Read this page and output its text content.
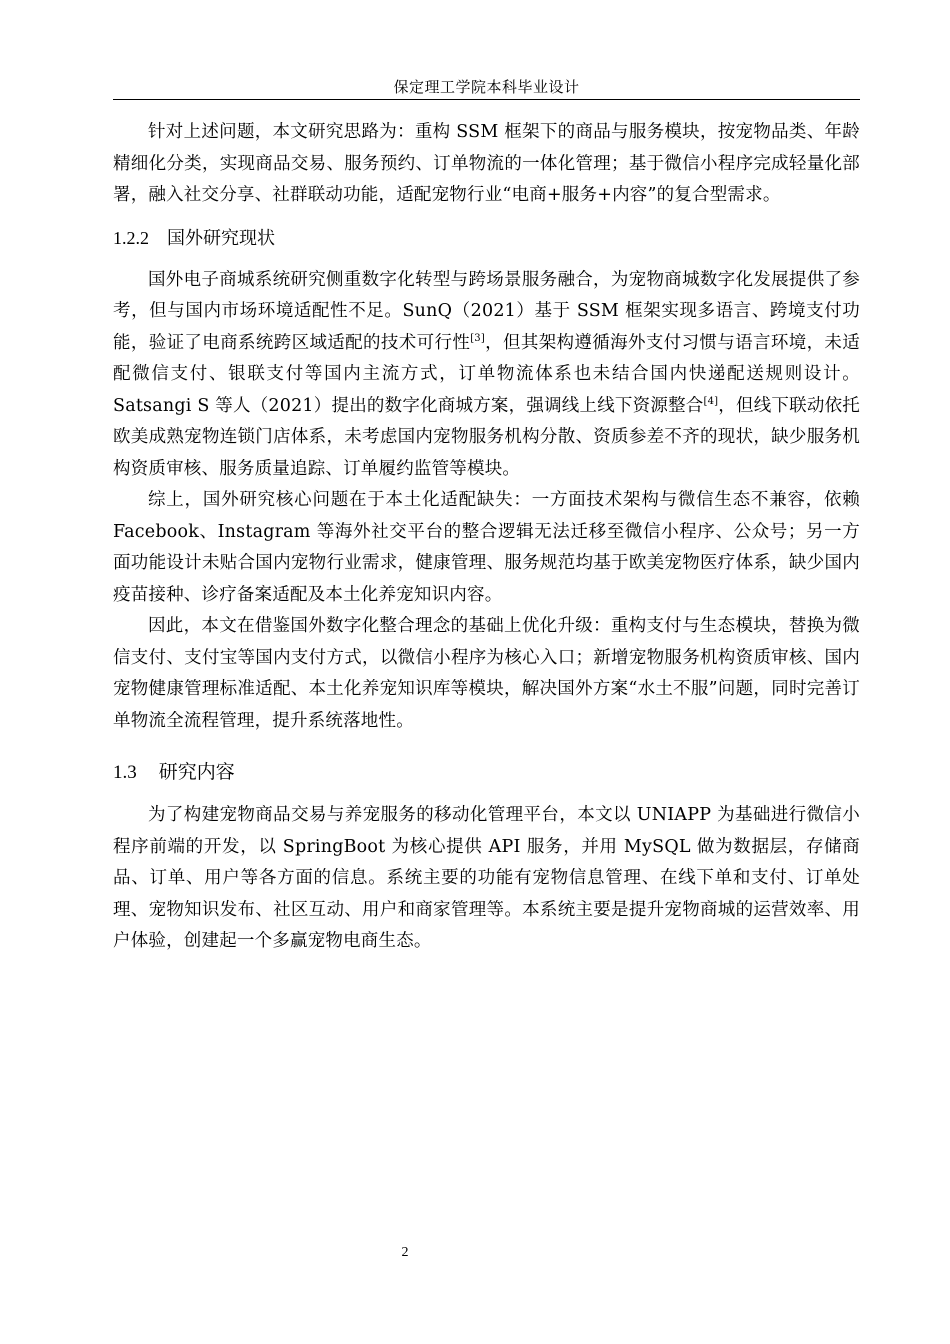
保定理工学院本科毕业设计

针对上述问题，本文研究思路为：重构 SSM 框架下的商品与服务模块，按宠物品类、年龄精细化分类，实现商品交易、服务预约、订单物流的一体化管理；基于微信小程序完成轻量化部署，融入社交分享、社群联动功能，适配宠物行业“电商+服务+内容”的复合型需求。

1.2.2 国外研究现状

国外电子商城系统研究侧重数字化转型与跨场景服务融合，为宠物商城数字化发展提供了参考，但与国内市场环境适配性不足。SunQ（2021）基于 SSM 框架实现多语言、跨境支付功能，验证了电商系统跨区域适配的技术可行性[3]，但其架构遵循海外支付习惯与语言环境，未适配微信支付、银联支付等国内主流方式，订单物流体系也未结合国内快递配送规则设计。Satsangi S 等人（2021）提出的数字化商城方案，强调线上线下资源整合[4]，但线下联动依托欧美成熟宠物连锁门店体系，未考虑国内宠物服务机构分散、资质参差不齐的现状，缺少服务机构资质审核、服务质量追踪、订单履约监管等模块。

综上，国外研究核心问题在于本土化适配缺失：一方面技术架构与微信生态不兼容，依赖 Facebook、Instagram 等海外社交平台的整合逻辑无法迁移至微信小程序、公众号；另一方面功能设计未贴合国内宠物行业需求，健康管理、服务规范均基于欧美宠物医疗体系，缺少国内疫苗接种、诊疗备案适配及本土化养宠知识内容。

因此，本文在借鉴国外数字化整合理念的基础上优化升级：重构支付与生态模块，替换为微信支付、支付宝等国内支付方式，以微信小程序为核心入口；新增宠物服务机构资质审核、国内宠物健康管理标准适配、本土化养宠知识库等模块，解决国外方案“水土不服”问题，同时完善订单物流全流程管理，提升系统落地性。

1.3 研究内容

为了构建宠物商品交易与养宠服务的移动化管理平台，本文以 UNIAPP 为基础进行微信小程序前端的开发，以 SpringBoot 为核心提供 API 服务，并用 MySQL 做为数据层，存储商品、订单、用户等各方面的信息。系统主要的功能有宠物信息管理、在线下单和支付、订单处理、宠物知识发布、社区互动、用户和商家管理等。本系统主要是提升宠物商城的运营效率、用户体验，创建起一个多赢宠物电商生态。

2
